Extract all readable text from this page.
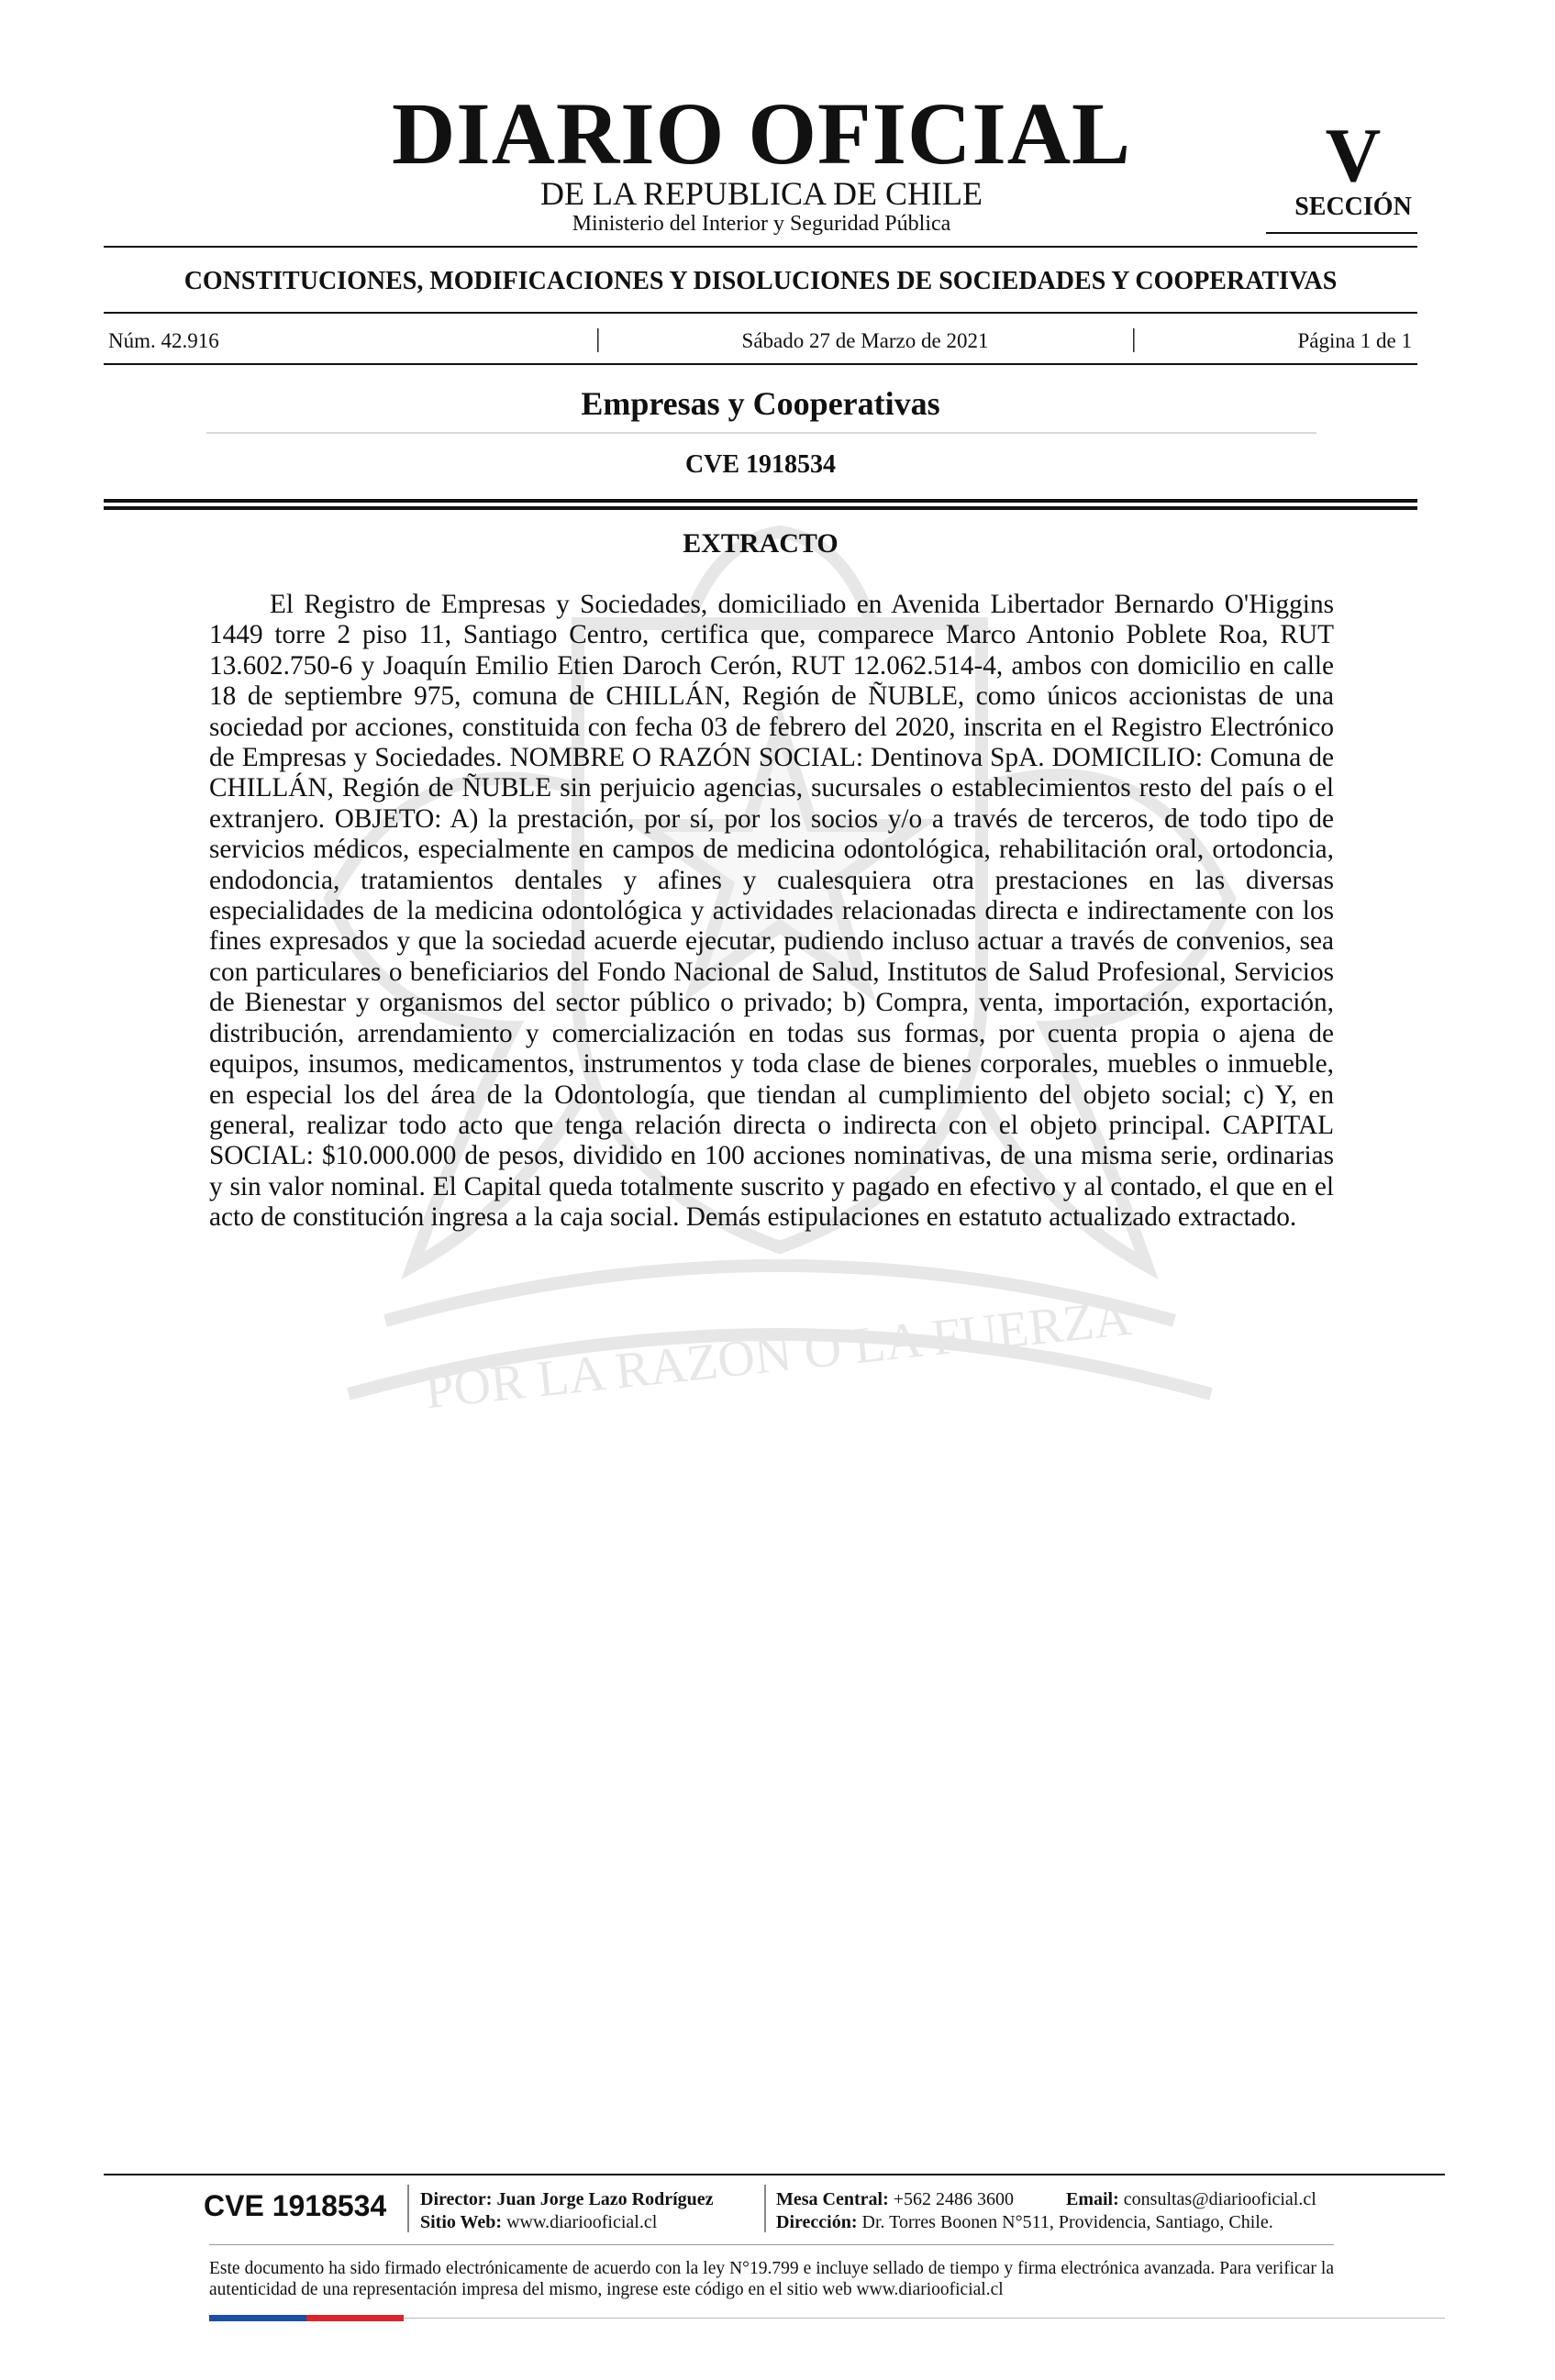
POR LA RAZON O LA FUERZA
DIARIO OFICIAL
DE LA REPUBLICA DE CHILE
Ministerio del Interior y Seguridad Pública
V
SECCIÓN
CONSTITUCIONES, MODIFICACIONES Y DISOLUCIONES DE SOCIEDADES Y COOPERATIVAS
Núm. 42.916	|	Sábado 27 de Marzo de 2021	|	Página 1 de 1
Empresas y Cooperativas
CVE 1918534
EXTRACTO

El Registro de Empresas y Sociedades, domiciliado en Avenida Libertador Bernardo O'Higgins 1449 torre 2 piso 11, Santiago Centro, certifica que, comparece Marco Antonio Poblete Roa, RUT 13.602.750-6 y Joaquín Emilio Etien Daroch Cerón, RUT 12.062.514-4, ambos con domicilio en calle 18 de septiembre 975, comuna de CHILLÁN, Región de ÑUBLE, como únicos accionistas de una sociedad por acciones, constituida con fecha 03 de febrero del 2020, inscrita en el Registro Electrónico de Empresas y Sociedades. NOMBRE O RAZÓN SOCIAL: Dentinova SpA. DOMICILIO: Comuna de CHILLÁN, Región de ÑUBLE sin perjuicio agencias, sucursales o establecimientos resto del país o el extranjero. OBJETO: A) la prestación, por sí, por los socios y/o a través de terceros, de todo tipo de servicios médicos, especialmente en campos de medicina odontológica, rehabilitación oral, ortodoncia, endodoncia, tratamientos dentales y afines y cualesquiera otra prestaciones en las diversas especialidades de la medicina odontológica y actividades relacionadas directa e indirectamente con los fines expresados y que la sociedad acuerde ejecutar, pudiendo incluso actuar a través de convenios, sea con particulares o beneficiarios del Fondo Nacional de Salud, Institutos de Salud Profesional, Servicios de Bienestar y organismos del sector público o privado; b) Compra, venta, importación, exportación, distribución, arrendamiento y comercialización en todas sus formas, por cuenta propia o ajena de equipos, insumos, medicamentos, instrumentos y toda clase de bienes corporales, muebles o inmueble, en especial los del área de la Odontología, que tiendan al cumplimiento del objeto social; c) Y, en general, realizar todo acto que tenga relación directa o indirecta con el objeto principal. CAPITAL SOCIAL: $10.000.000 de pesos, dividido en 100 acciones nominativas, de una misma serie, ordinarias y sin valor nominal. El Capital queda totalmente suscrito y pagado en efectivo y al contado, el que en el acto de constitución ingresa a la caja social. Demás estipulaciones en estatuto actualizado extractado.

CVE 1918534 Director: Juan Jorge Lazo Rodríguez
Sitio Web: www.diariooficial.cl
Mesa Central: +562 2486 3600	Email: consultas@diariooficial.cl
Dirección: Dr. Torres Boonen N°511, Providencia, Santiago, Chile.

Este documento ha sido firmado electrónicamente de acuerdo con la ley N°19.799 e incluye sellado de tiempo y firma electrónica avanzada. Para verificar la autenticidad de una representación impresa del mismo, ingrese este código en el sitio web www.diariooficial.cl
